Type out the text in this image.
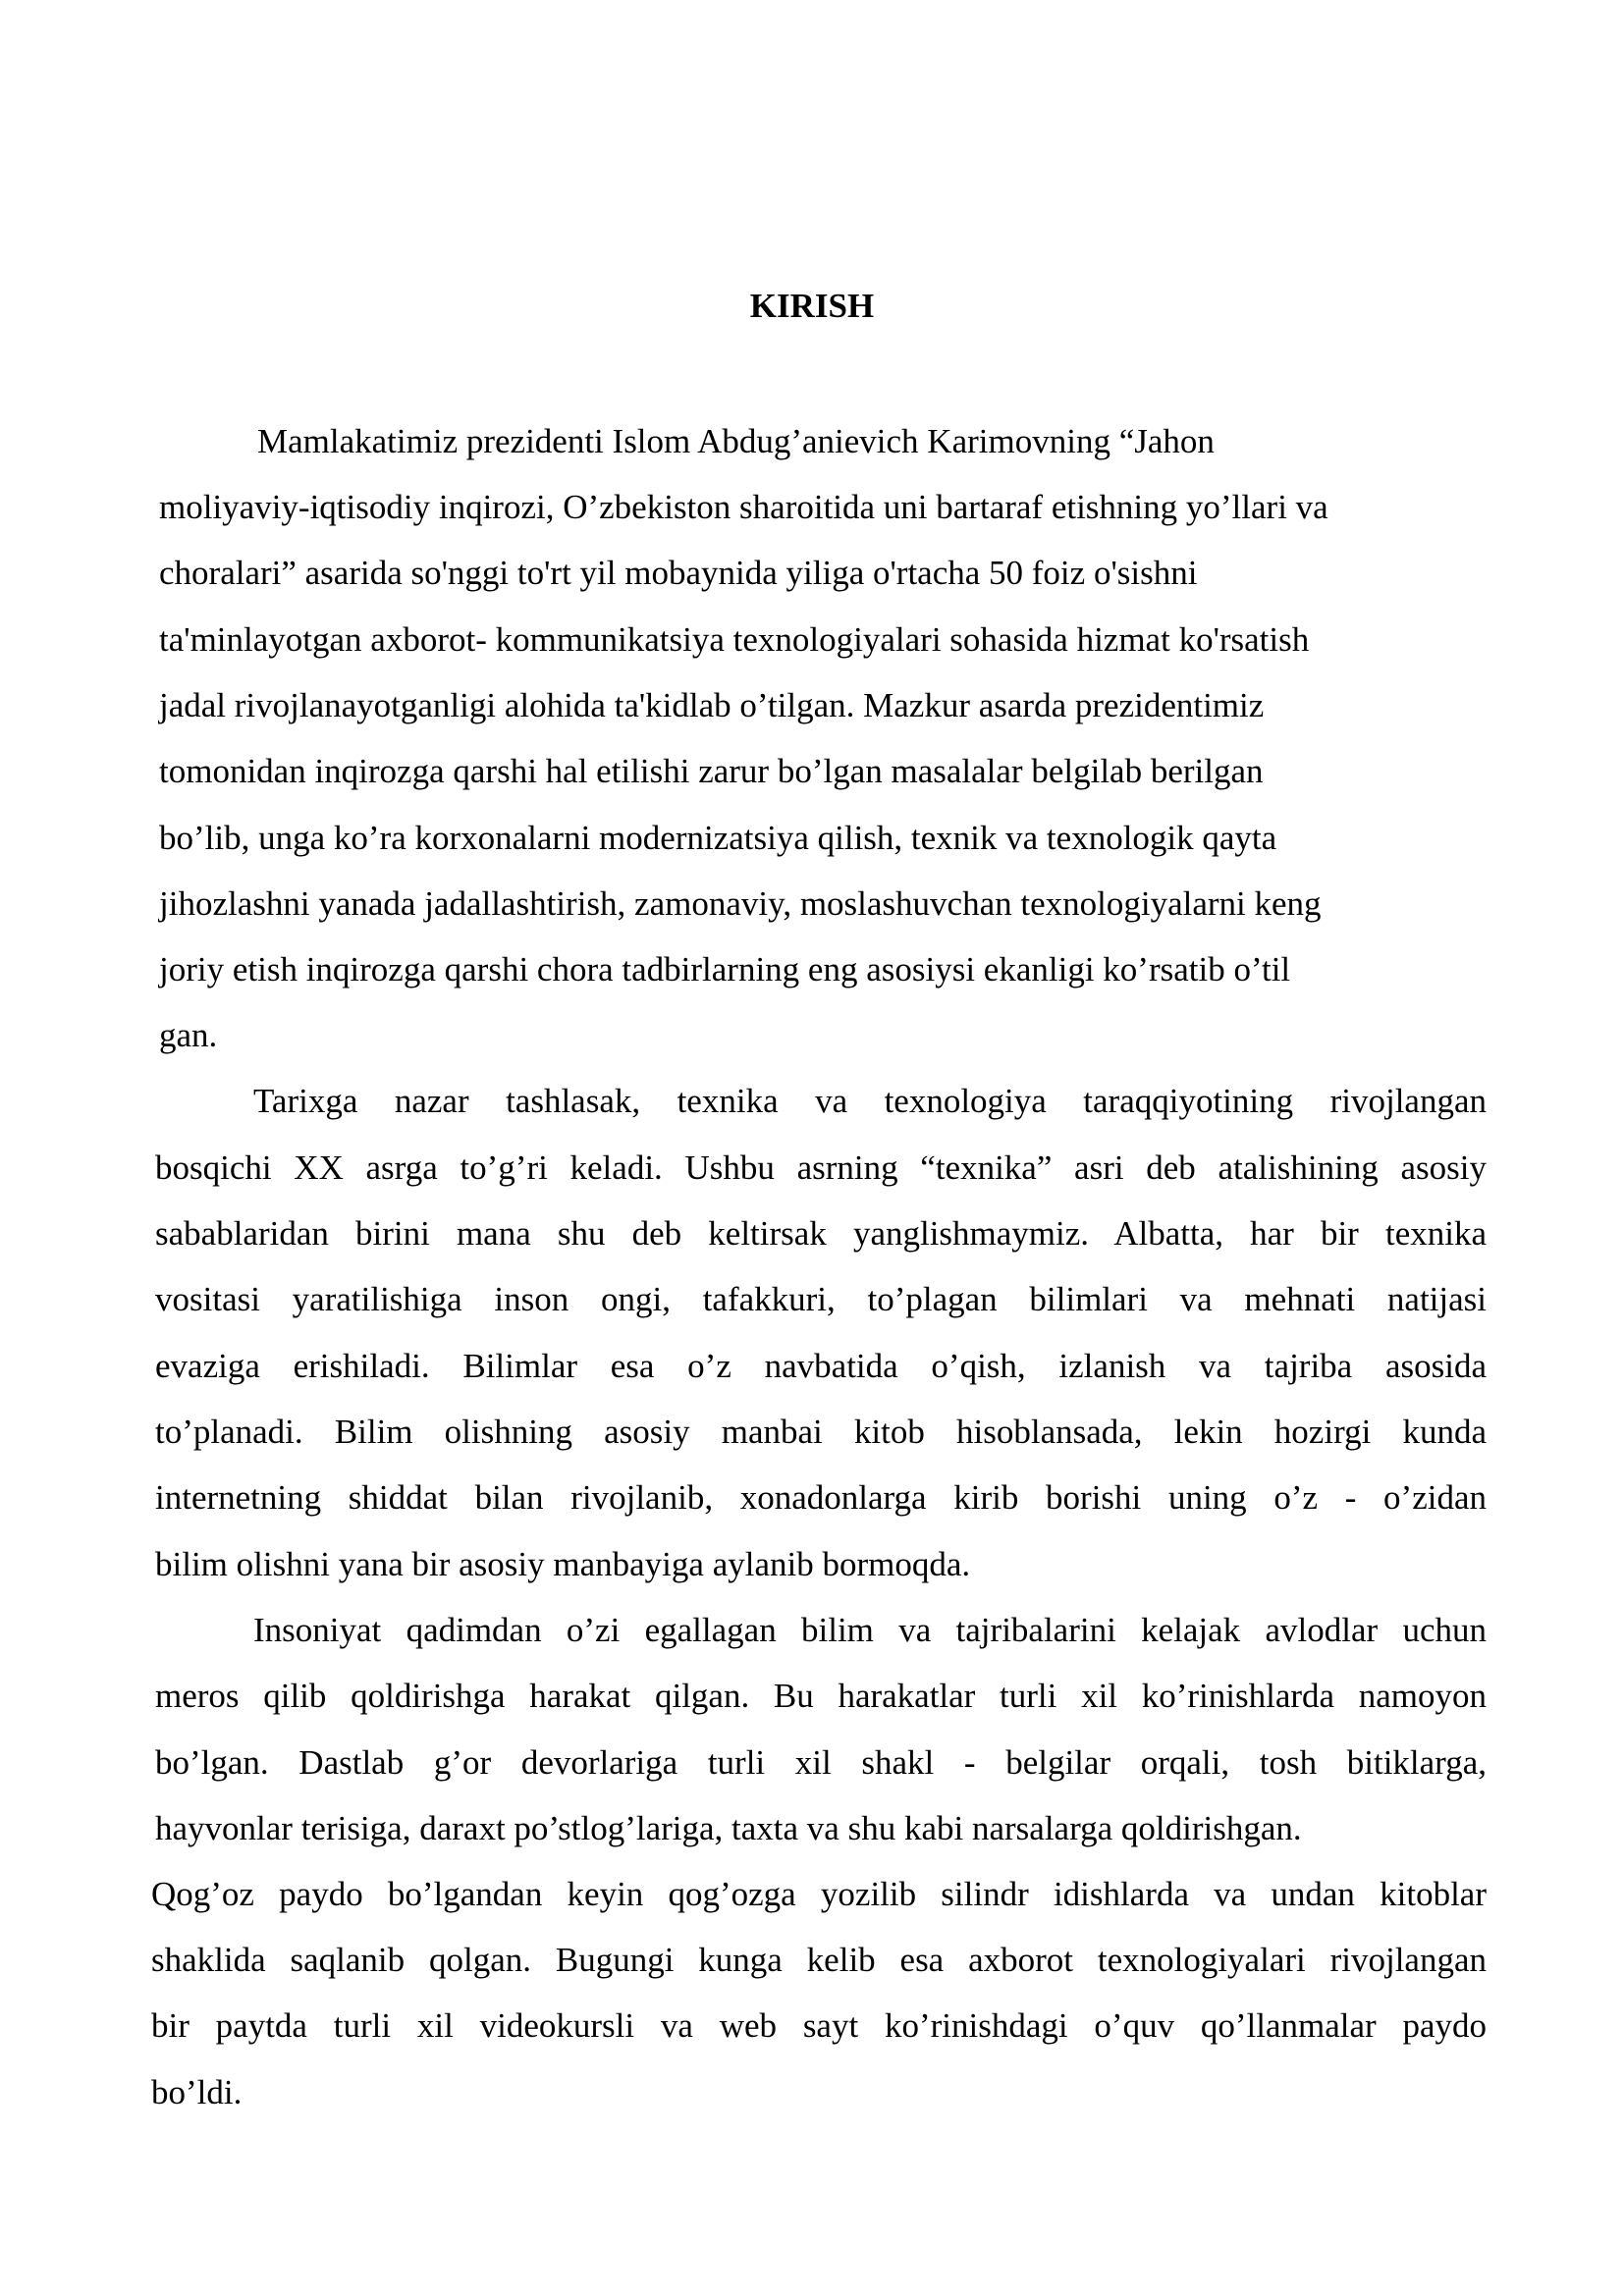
KIRISH
Mamlakatimiz prezidenti Islom Abdug’anievich Karimovning “Jahon
moliyaviy-iqtisodiy inqirozi, O’zbekiston sharoitida uni bartaraf etishning yo’llari va
choralari” asarida so'nggi to'rt yil mobaynida yiliga o'rtacha 50 foiz o'sishni
ta'minlayotgan axborot- kommunikatsiya texnologiyalari sohasida hizmat ko'rsatish
jadal rivojlanayotganligi alohida ta'kidlab o’tilgan. Mazkur asarda prezidentimiz
tomonidan inqirozga qarshi hal etilishi zarur bo’lgan masalalar belgilab berilgan
bo’lib, unga ko’ra korxonalarni modernizatsiya qilish, texnik va texnologik qayta
jihozlashni yanada jadallashtirish, zamonaviy, moslashuvchan texnologiyalarni keng
joriy etish inqirozga qarshi chora tadbirlarning eng asosiysi ekanligi ko’rsatib o’til
gan.
Tarixga nazar tashlasak, texnika va texnologiya taraqqiyotining rivojlangan
bosqichi XX asrga to’g’ri keladi. Ushbu asrning “texnika” asri deb atalishining asosiy
sabablaridan birini mana shu deb keltirsak yanglishmaymiz. Albatta, har bir texnika
vositasi yaratilishiga inson ongi, tafakkuri, to’plagan bilimlari va mehnati natijasi
evaziga erishiladi. Bilimlar esa o’z navbatida o’qish, izlanish va tajriba asosida
to’planadi. Bilim olishning asosiy manbai kitob hisoblansada, lekin hozirgi kunda
internetning shiddat bilan rivojlanib, xonadonlarga kirib borishi uning o’z - o’zidan
bilim olishni yana bir asosiy manbayiga aylanib bormoqda.
Insoniyat qadimdan o’zi egallagan bilim va tajribalarini kelajak avlodlar uchun
meros qilib qoldirishga harakat qilgan. Bu harakatlar turli xil ko’rinishlarda namoyon
bo’lgan. Dastlab g’or devorlariga turli xil shakl - belgilar orqali, tosh bitiklarga,
hayvonlar terisiga, daraxt po’stlog’lariga, taxta va shu kabi narsalarga qoldirishgan.
Qog’oz paydo bo’lgandan keyin qog’ozga yozilib silindr idishlarda va undan kitoblar
shaklida saqlanib qolgan. Bugungi kunga kelib esa axborot texnologiyalari rivojlangan
bir paytda turli xil videokursli va web sayt ko’rinishdagi o’quv qo’llanmalar paydo
bo’ldi.
